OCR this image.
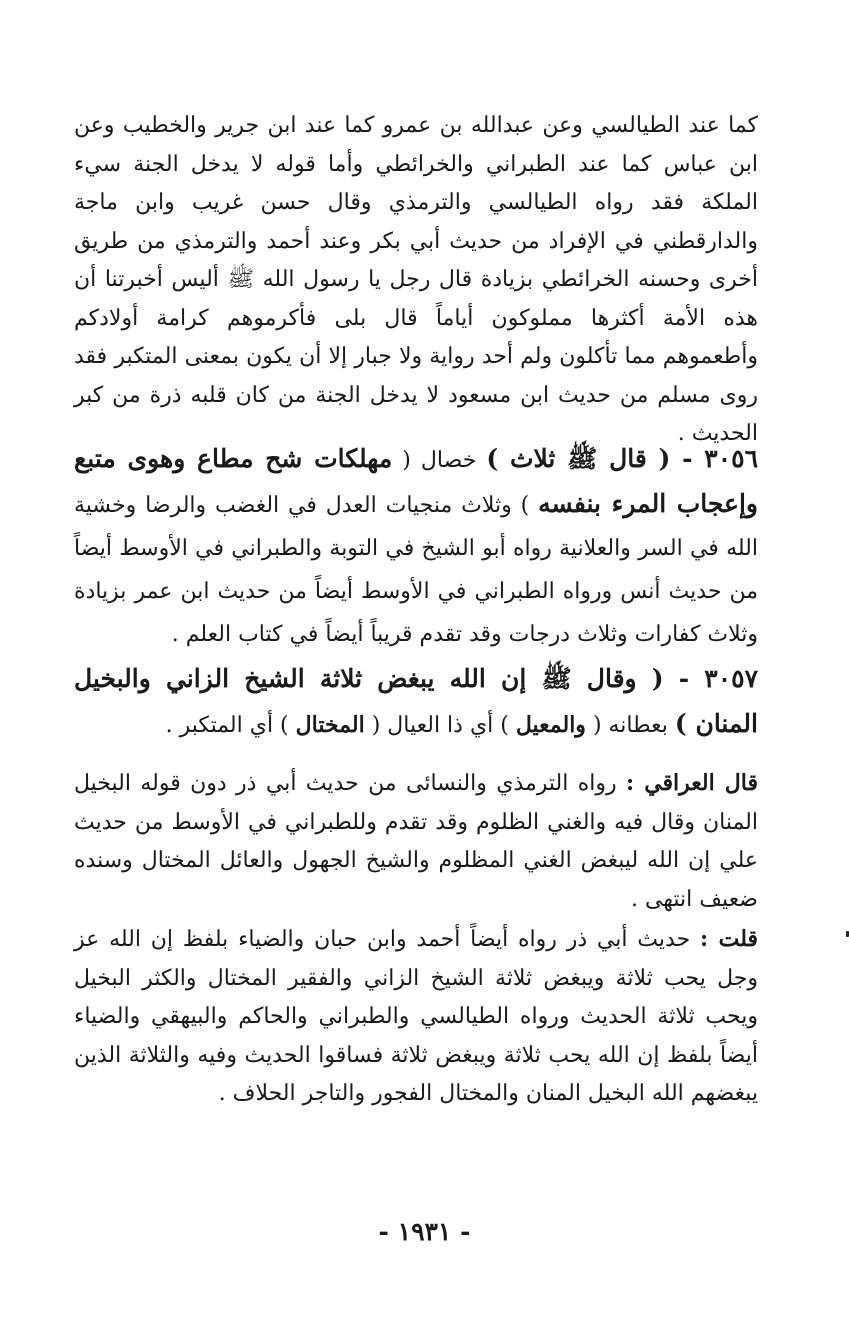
كما عند الطيالسي وعن عبدالله بن عمرو كما عند ابن جرير والخطيب وعن ابن عباس كما عند الطبراني والخرائطي وأما قوله لا يدخل الجنة سيء الملكة فقد رواه الطيالسي والترمذي وقال حسن غريب وابن ماجة والدارقطني في الإفراد من حديث أبي بكر وعند أحمد والترمذي من طريق أخرى وحسنه الخرائطي بزيادة قال رجل يا رسول الله ﷺ أليس أخبرتنا أن هذه الأمة أكثرها مملوكون أياماً قال بلى فأكرموهم كرامة أولادكم وأطعموهم مما تأكلون ولم أحد رواية ولا جبار إلا أن يكون بمعنى المتكبر فقد روى مسلم من حديث ابن مسعود لا يدخل الجنة من كان قلبه ذرة من كبر الحديث .
٣٠٥٦ - ( قال ﷺ ثلاث ) خصال ( مهلكات شح مطاع وهوى متبع وإعجاب المرء بنفسه ) وثلاث منجيات العدل في الغضب والرضا وخشية الله في السر والعلانية رواه أبو الشيخ في التوبة والطبراني في الأوسط أيضاً من حديث أنس ورواه الطبراني في الأوسط أيضاً من حديث ابن عمر بزيادة وثلاث كفارات وثلاث درجات وقد تقدم قريباً أيضاً في كتاب العلم .
٣٠٥٧ - ( وقال ﷺ إن الله يبغض ثلاثة الشيخ الزاني والبخيل المنان ) بعطانه ( والمعيل ) أي ذا العيال ( المختال ) أي المتكبر .
قال العراقي : رواه الترمذي والنسائى من حديث أبي ذر دون قوله البخيل المنان وقال فيه والغني الظلوم وقد تقدم وللطبراني في الأوسط من حديث علي إن الله ليبغض الغني المظلوم والشيخ الجهول والعائل المختال وسنده ضعيف انتهى .
قلت : حديث أبي ذر رواه أيضاً أحمد وابن حبان والضياء بلفظ إن الله عز وجل يحب ثلاثة ويبغض ثلاثة الشيخ الزاني والفقير المختال والكثر البخيل ويحب ثلاثة الحديث ورواه الطيالسي والطبراني والحاكم والبيهقي والضياء أيضاً بلفظ إن الله يحب ثلاثة ويبغض ثلاثة فساقوا الحديث وفيه والثلاثة الذين يبغضهم الله البخيل المنان والمختال الفجور والتاجر الحلاف .
- ١٩٣١ -
